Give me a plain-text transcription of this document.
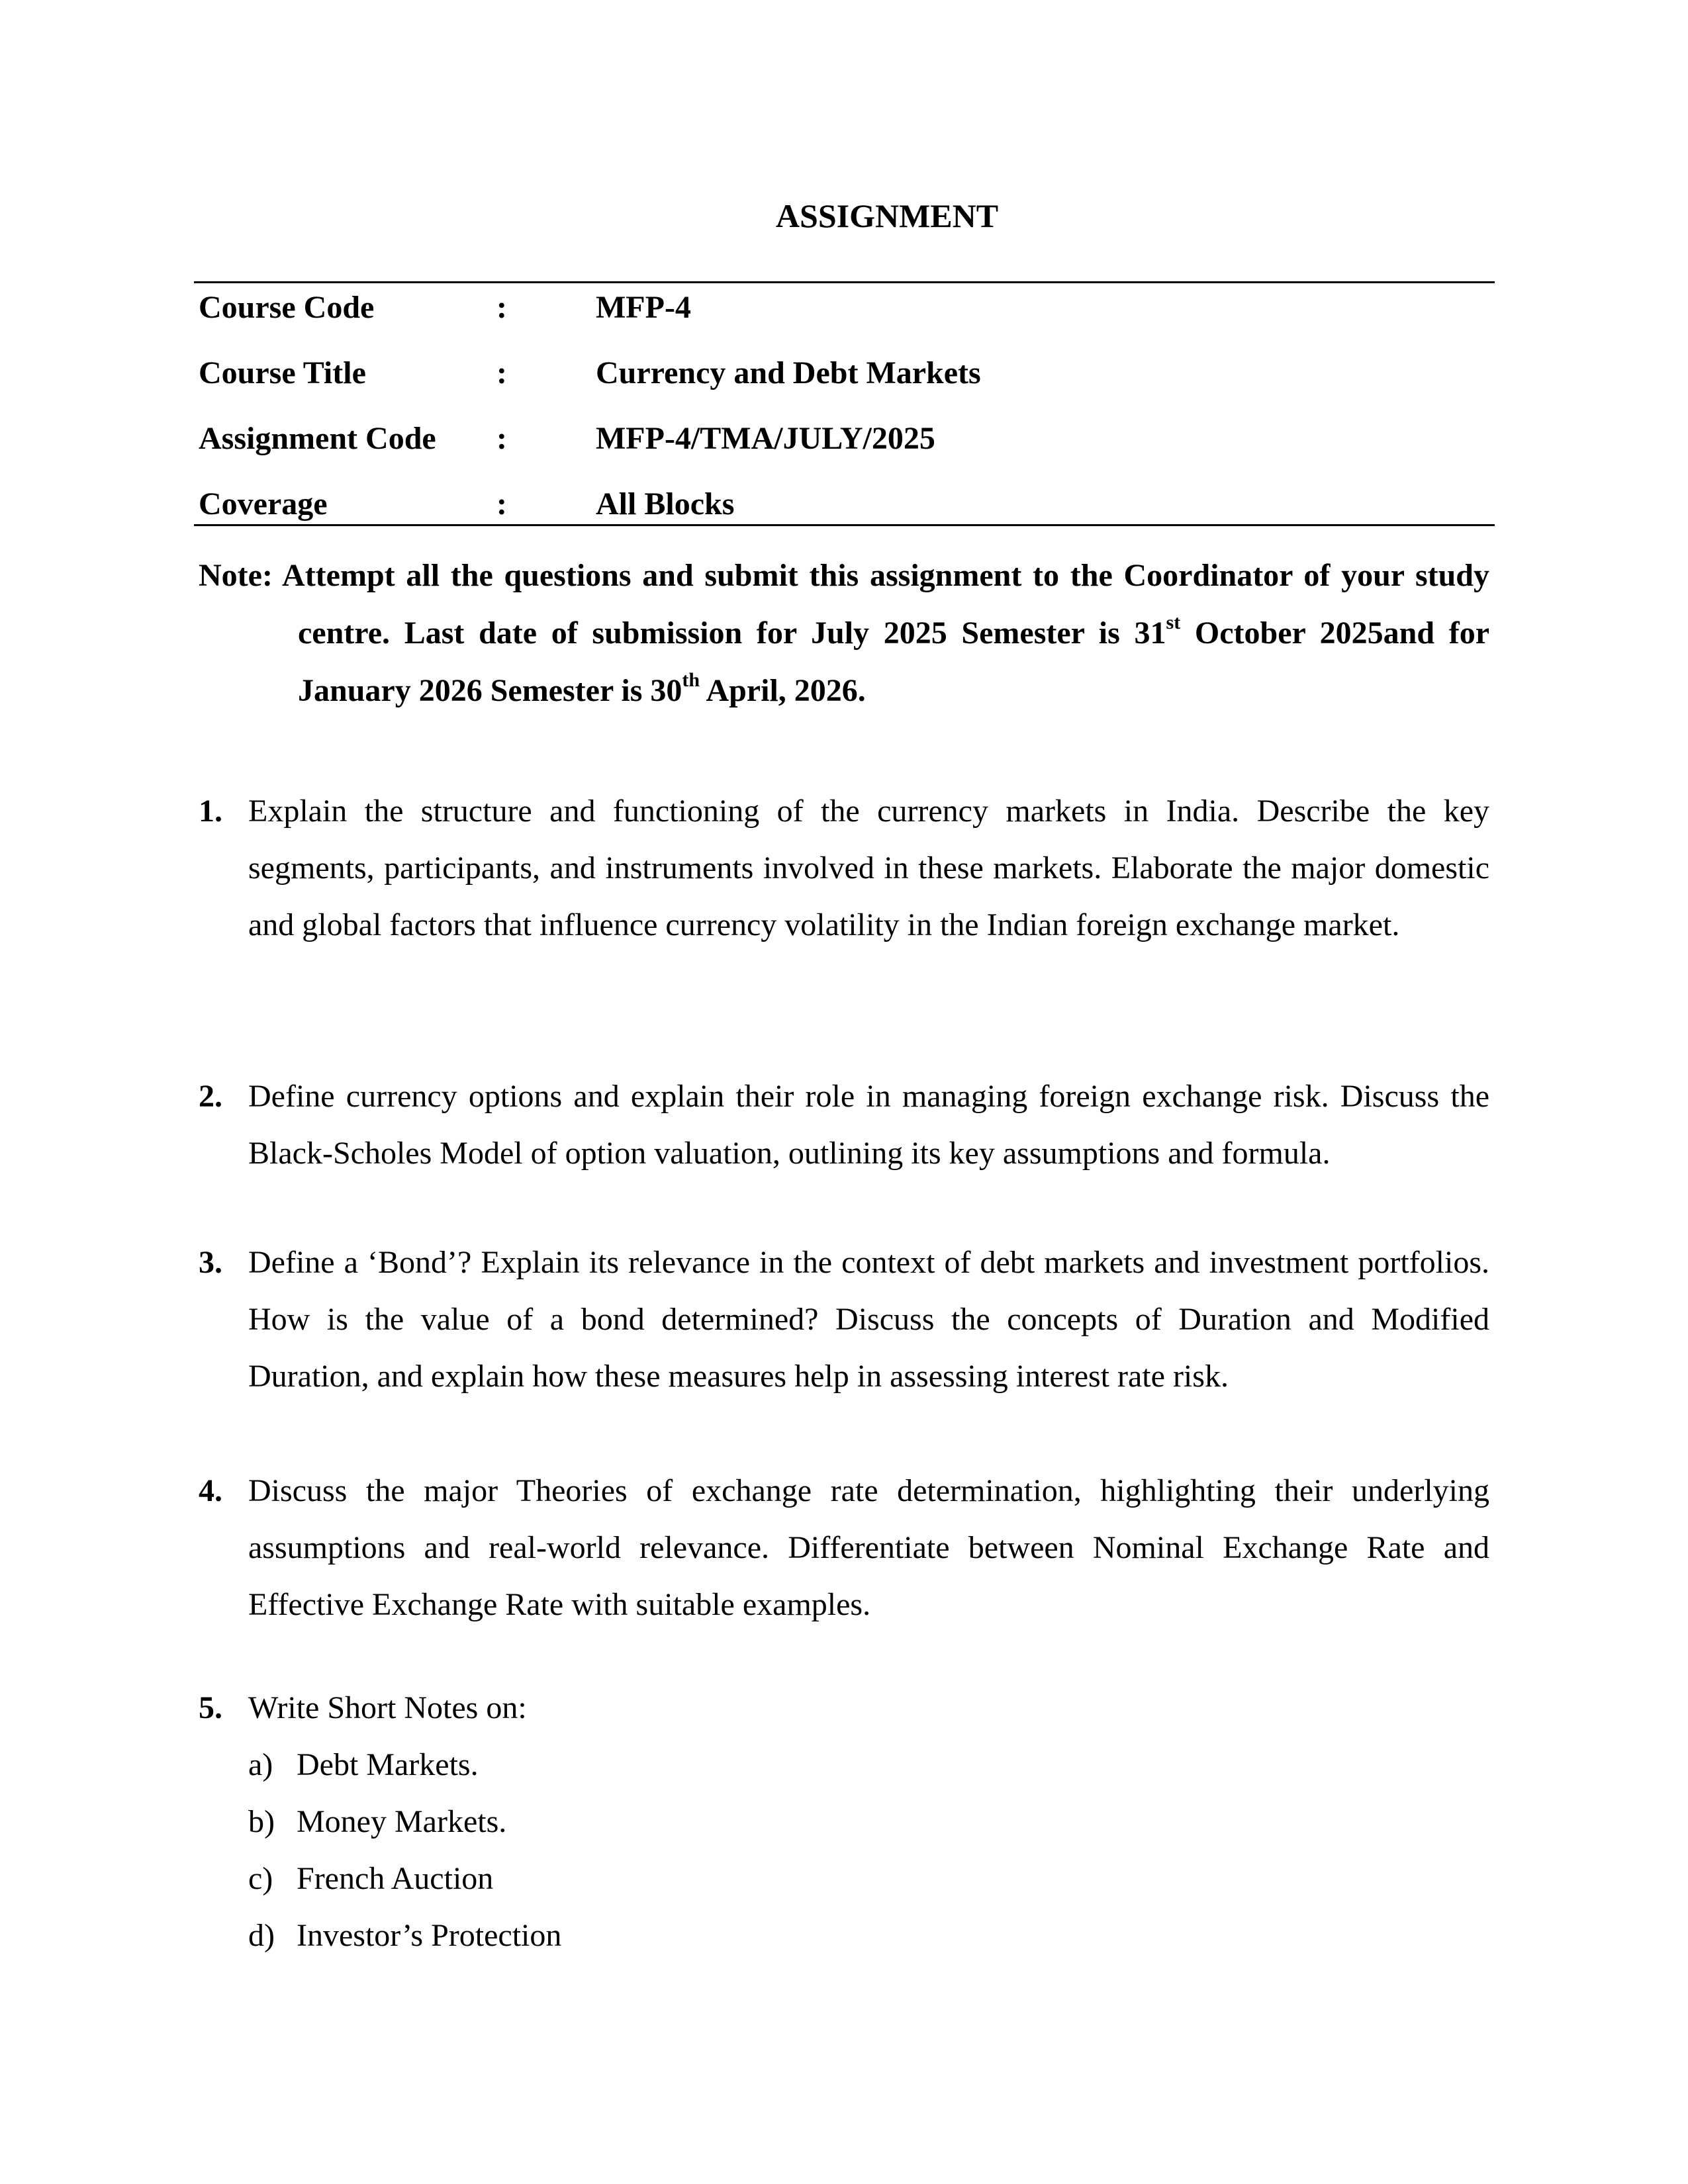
ASSIGNMENT
Course Code	:	MFP-4
Course Title	:	Currency and Debt Markets
Assignment Code :	MFP-4/TMA/JULY/2025
Coverage	:	All Blocks
Note: Attempt all the questions and submit this assignment to the Coordinator of your study centre. Last date of submission for July 2025 Semester is 31st October 2025and for January 2026 Semester is 30th April, 2026.
1. Explain the structure and functioning of the currency markets in India. Describe the key segments, participants, and instruments involved in these markets. Elaborate the major domestic and global factors that influence currency volatility in the Indian foreign exchange market.
2. Define currency options and explain their role in managing foreign exchange risk. Discuss the Black-Scholes Model of option valuation, outlining its key assumptions and formula.
3. Define a ‘Bond’? Explain its relevance in the context of debt markets and investment portfolios. How is the value of a bond determined? Discuss the concepts of Duration and Modified Duration, and explain how these measures help in assessing interest rate risk.
4. Discuss the major Theories of exchange rate determination, highlighting their underlying assumptions and real-world relevance. Differentiate between Nominal Exchange Rate and Effective Exchange Rate with suitable examples.
5. Write Short Notes on:
a) Debt Markets.
b) Money Markets.
c) French Auction
d) Investor’s Protection
